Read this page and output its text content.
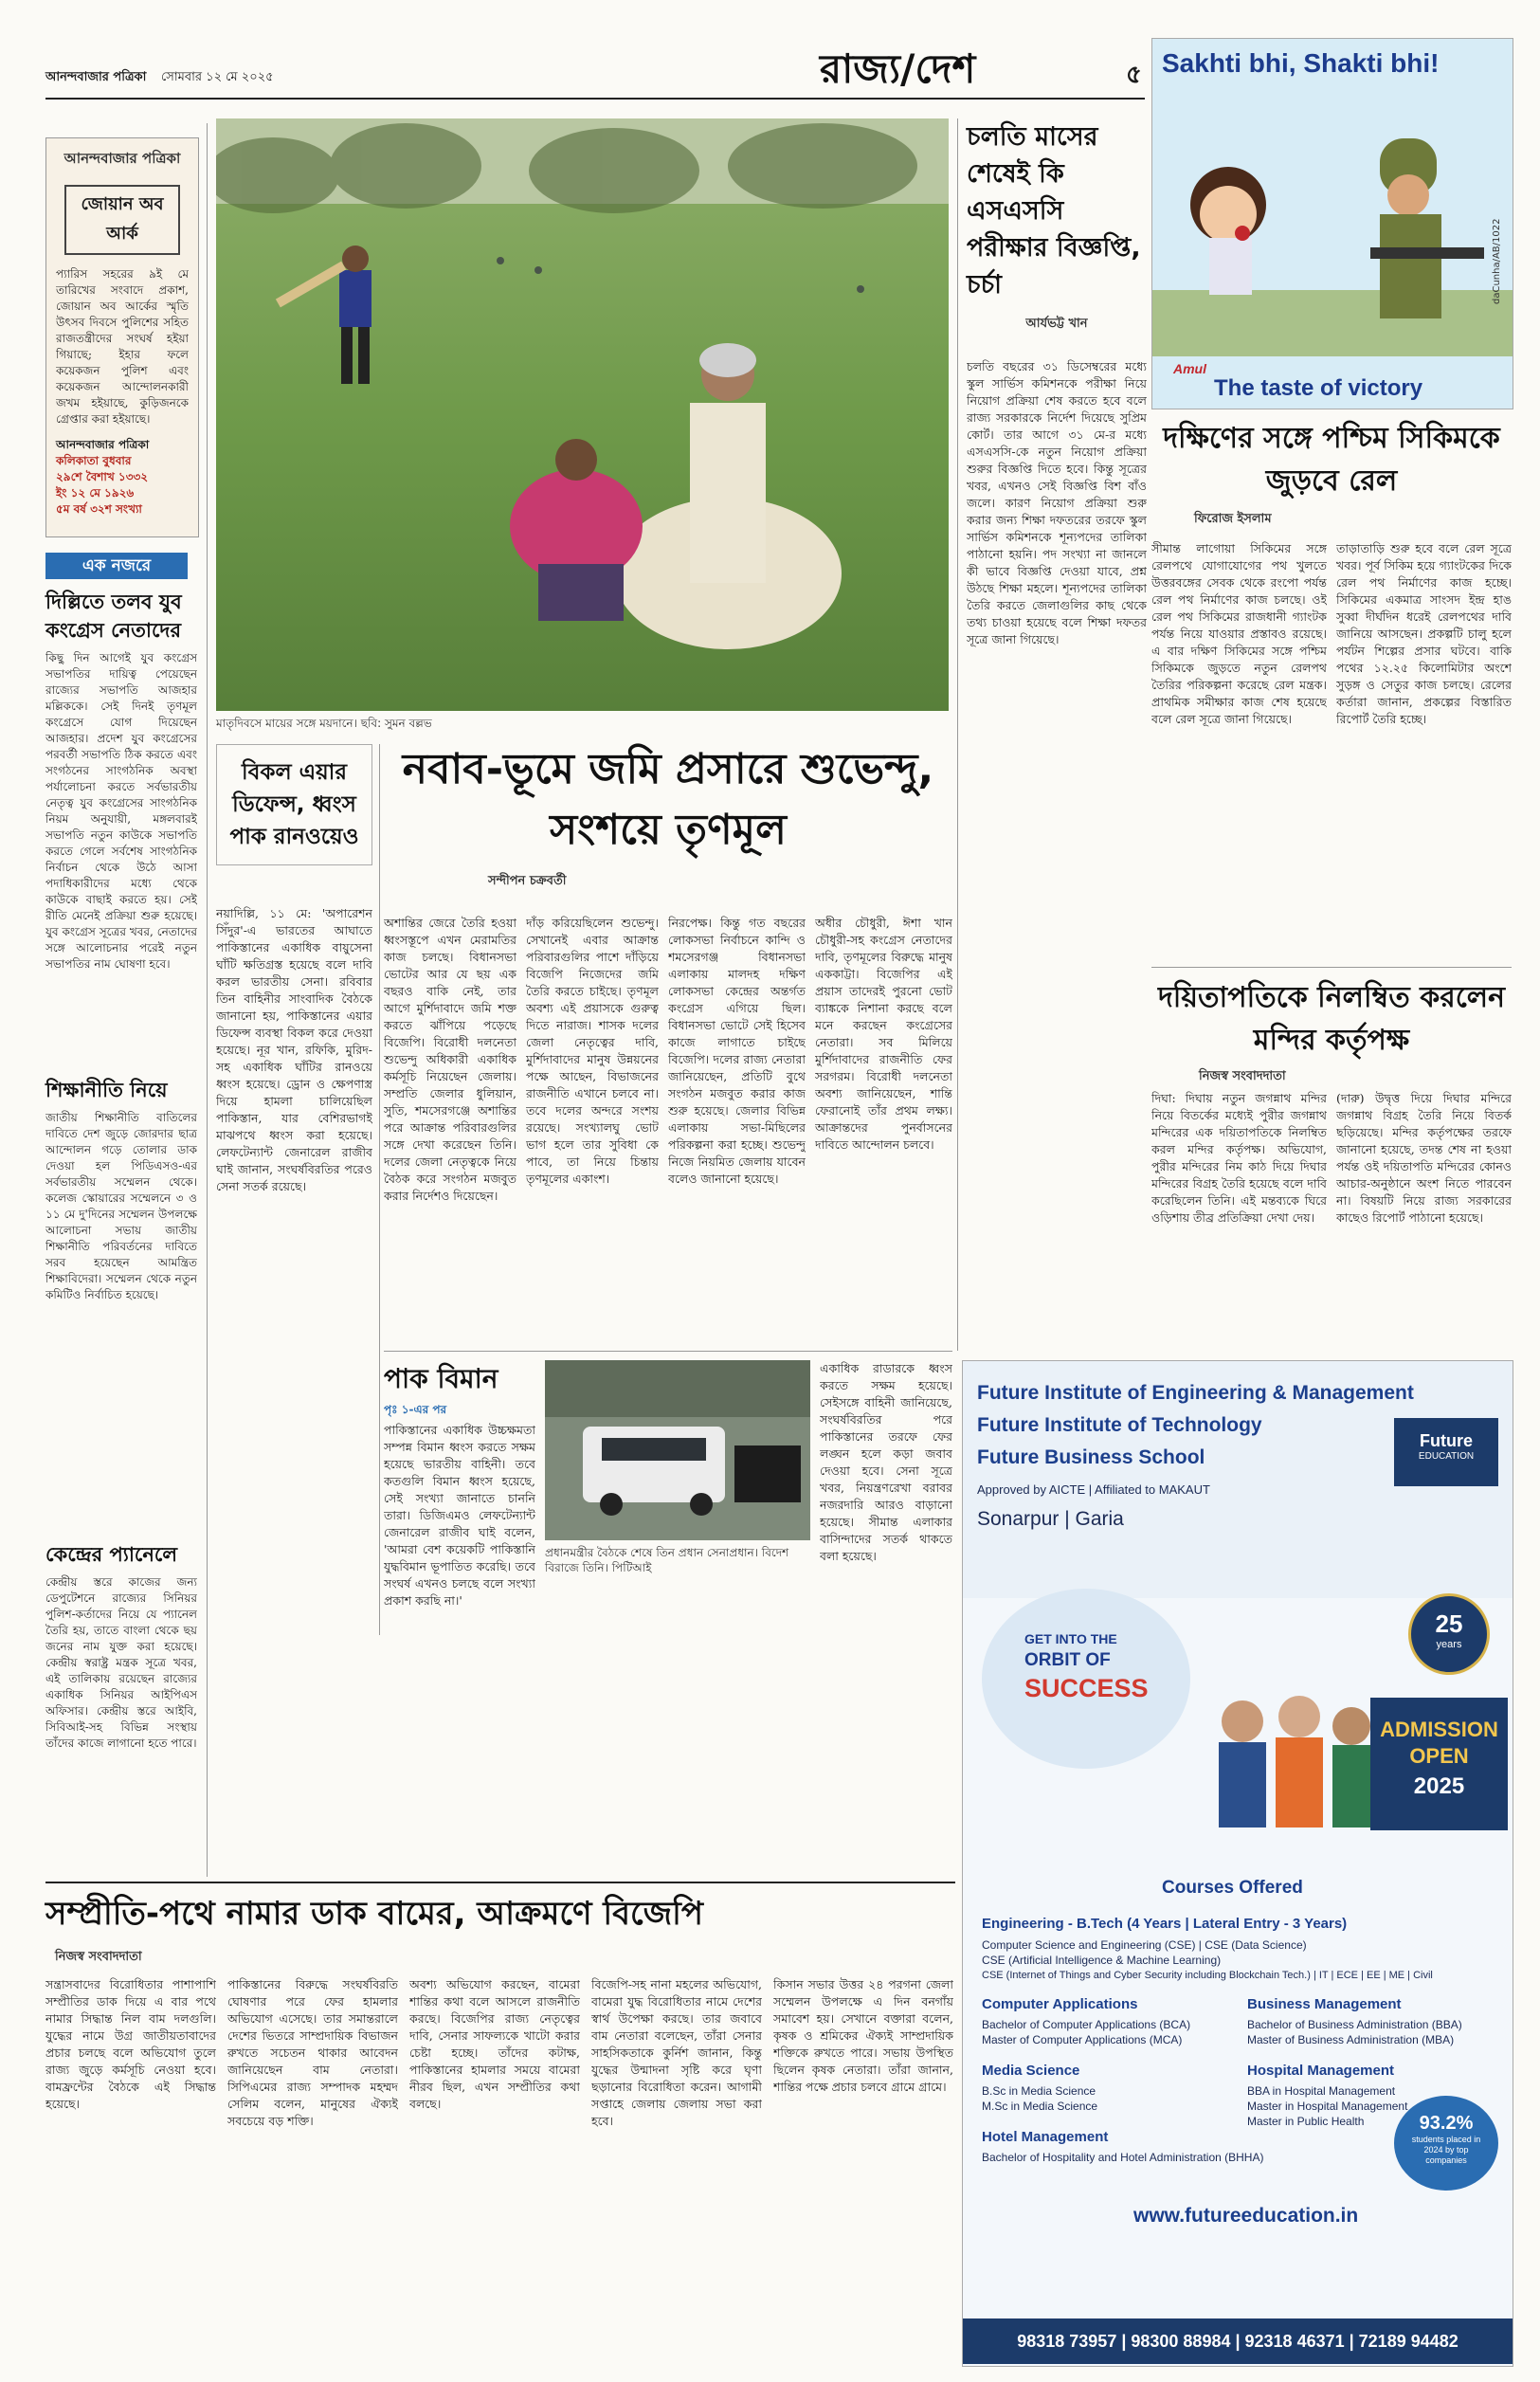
আনন্দবাজার পত্রিকা সোমবার ১২ মে ২০২৫	রাজ্য/দেশ	৫
আনন্দবাজার পত্রিকা
জোয়ান অব আর্ক
প্যারিস সহরের ৯ই মে তারিখের সংবাদে প্রকাশ, জোয়ান অব আর্কের স্মৃতি উৎসব দিবসে পুলিশের সহিত রাজতন্ত্রীদের সংঘর্ষ হইয়া গিয়াছে; ইহার ফলে কয়েকজন পুলিশ এবং কয়েকজন আন্দোলনকারী জখম হইয়াছে, কুড়িজনকে গ্রেপ্তার করা হইয়াছে।
আনন্দবাজার পত্রিকা
কলিকাতা বুধবার
২৯শে বৈশাখ ১৩৩২
ইং ১২ মে ১৯২৬
৫ম বর্ষ ৩২শ সংখ্যা
এক নজরে
দিল্লিতে তলব যুব কংগ্রেস নেতাদের
কিছু দিন আগেই যুব কংগ্রেস সভাপতির দায়িত্ব পেয়েছেন রাজ্যের সভাপতি আজহার মল্লিককে। সেই দিনই তৃণমূল কংগ্রেসে যোগ দিয়েছেন আজহার। প্রদেশ যুব কংগ্রেসের পরবর্তী সভাপতি ঠিক করতে এবং সংগঠনের সাংগঠনিক অবস্থা পর্যালোচনা করতে সর্বভারতীয় নেতৃত্ব যুব কংগ্রেসের সাংগঠনিক নিয়ম অনুযায়ী, মঙ্গলবারই সভাপতি নতুন কাউকে সভাপতি করতে গেলে সর্বশেষ সাংগঠনিক নির্বাচন থেকে উঠে আসা পদাধিকারীদের মধ্যে থেকে কাউকে বাছাই করতে হয়। সেই রীতি মেনেই প্রক্রিয়া শুরু হয়েছে। যুব কংগ্রেস সূত্রের খবর, নেতাদের সঙ্গে আলোচনার পরেই নতুন সভাপতির নাম ঘোষণা হবে।
শিক্ষানীতি নিয়ে
জাতীয় শিক্ষানীতি বাতিলের দাবিতে দেশ জুড়ে জোরদার ছাত্র আন্দোলন গড়ে তোলার ডাক দেওয়া হল পিডিএসও-এর সর্বভারতীয় সম্মেলন থেকে। কলেজ স্কোয়ারের সম্মেলনে ৩ ও ১১ মে দু'দিনের সম্মেলন উপলক্ষে আলোচনা সভায় জাতীয় শিক্ষানীতি পরিবর্তনের দাবিতে সরব হয়েছেন আমন্ত্রিত শিক্ষাবিদেরা। সম্মেলন থেকে নতুন কমিটিও নির্বাচিত হয়েছে।
কেন্দ্রের প্যানেলে
কেন্দ্রীয় স্তরে কাজের জন্য ডেপুটেশনে রাজ্যের সিনিয়র পুলিশ-কর্তাদের নিয়ে যে প্যানেল তৈরি হয়, তাতে বাংলা থেকে ছয় জনের নাম যুক্ত করা হয়েছে। কেন্দ্রীয় স্বরাষ্ট্র মন্ত্রক সূত্রে খবর, এই তালিকায় রয়েছেন রাজ্যের একাধিক সিনিয়র আইপিএস অফিসার। কেন্দ্রীয় স্তরে আইবি, সিবিআই-সহ বিভিন্ন সংস্থায় তাঁদের কাজে লাগানো হতে পারে।
মাতৃদিবসে মায়ের সঙ্গে ময়দানে। ছবি: সুমন বল্লভ
চলতি মাসের শেষেই কি এসএসসি পরীক্ষার বিজ্ঞপ্তি, চর্চা
আর্যভট্ট খান
চলতি বছরের ৩১ ডিসেম্বরের মধ্যে স্কুল সার্ভিস কমিশনকে পরীক্ষা নিয়ে নিয়োগ প্রক্রিয়া শেষ করতে হবে বলে রাজ্য সরকারকে নির্দেশ দিয়েছে সুপ্রিম কোর্ট। তার আগে ৩১ মে-র মধ্যে এসএসসি-কে নতুন নিয়োগ প্রক্রিয়া শুরুর বিজ্ঞপ্তি দিতে হবে। কিন্তু সূত্রের খবর, এখনও সেই বিজ্ঞপ্তি বিশ বাঁও জলে। কারণ নিয়োগ প্রক্রিয়া শুরু করার জন্য শিক্ষা দফতরের তরফে স্কুল সার্ভিস কমিশনকে শূন্যপদের তালিকা পাঠানো হয়নি। পদ সংখ্যা না জানলে কী ভাবে বিজ্ঞপ্তি দেওয়া যাবে, প্রশ্ন উঠছে শিক্ষা মহলে। শূন্যপদের তালিকা তৈরি করতে জেলাগুলির কাছ থেকে তথ্য চাওয়া হয়েছে বলে শিক্ষা দফতর সূত্রে জানা গিয়েছে।
Sakhti bhi, Shakti bhi!
Amul
The taste of victory
daCunha/AB/1022
দক্ষিণের সঙ্গে পশ্চিম সিকিমকে জুড়বে রেল
ফিরোজ ইসলাম
সীমান্ত লাগোয়া সিকিমের সঙ্গে রেলপথে যোগাযোগের পথ খুলতে উত্তরবঙ্গের সেবক থেকে রংপো পর্যন্ত রেল পথ নির্মাণের কাজ চলছে। ওই রেল পথ সিকিমের রাজধানী গ্যাংটক পর্যন্ত নিয়ে যাওয়ার প্রস্তাবও রয়েছে। এ বার দক্ষিণ সিকিমের সঙ্গে পশ্চিম সিকিমকে জুড়তে নতুন রেলপথ তৈরির পরিকল্পনা করেছে রেল মন্ত্রক। প্রাথমিক সমীক্ষার কাজ শেষ হয়েছে বলে রেল সূত্রে জানা গিয়েছে।
তাড়াতাড়ি শুরু হবে বলে রেল সূত্রে খবর। পূর্ব সিকিম হয়ে গ্যাংটকের দিকে রেল পথ নির্মাণের কাজ হচ্ছে। সিকিমের একমাত্র সাংসদ ইন্দ্র হাঙ সুব্বা দীর্ঘদিন ধরেই রেলপথের দাবি জানিয়ে আসছেন। প্রকল্পটি চালু হলে পর্যটন শিল্পের প্রসার ঘটবে। বাকি পথের ১২.২৫ কিলোমিটার অংশে সুড়ঙ্গ ও সেতুর কাজ চলছে। রেলের কর্তারা জানান, প্রকল্পের বিস্তারিত রিপোর্ট তৈরি হচ্ছে।
দয়িতাপতিকে নিলম্বিত করলেন মন্দির কর্তৃপক্ষ
নিজস্ব সংবাদদাতা
দিঘা: দিঘায় নতুন জগন্নাথ মন্দির নিয়ে বিতর্কের মধ্যেই পুরীর জগন্নাথ মন্দিরের এক দয়িতাপতিকে নিলম্বিত করল মন্দির কর্তৃপক্ষ। অভিযোগ, পুরীর মন্দিরের নিম কাঠ দিয়ে দিঘার মন্দিরের বিগ্রহ তৈরি হয়েছে বলে দাবি করেছিলেন তিনি। এই মন্তব্যকে ঘিরে ওড়িশায় তীব্র প্রতিক্রিয়া দেখা দেয়।
(দারু) উদ্বৃত্ত দিয়ে দিঘার মন্দিরে জগন্নাথ বিগ্রহ তৈরি নিয়ে বিতর্ক ছড়িয়েছে। মন্দির কর্তৃপক্ষের তরফে জানানো হয়েছে, তদন্ত শেষ না হওয়া পর্যন্ত ওই দয়িতাপতি মন্দিরের কোনও আচার-অনুষ্ঠানে অংশ নিতে পারবেন না। বিষয়টি নিয়ে রাজ্য সরকারের কাছেও রিপোর্ট পাঠানো হয়েছে।
বিকল এয়ার ডিফেন্স, ধ্বংস পাক রানওয়েও
নয়াদিল্লি, ১১ মে: 'অপারেশন সিঁদুর'-এ ভারতের আঘাতে পাকিস্তানের একাধিক বায়ুসেনা ঘাঁটি ক্ষতিগ্রস্ত হয়েছে বলে দাবি করল ভারতীয় সেনা। রবিবার তিন বাহিনীর সাংবাদিক বৈঠকে জানানো হয়, পাকিস্তানের এয়ার ডিফেন্স ব্যবস্থা বিকল করে দেওয়া হয়েছে। নূর খান, রফিকি, মুরিদ-সহ একাধিক ঘাঁটির রানওয়ে ধ্বংস হয়েছে। ড্রোন ও ক্ষেপণাস্ত্র দিয়ে হামলা চালিয়েছিল পাকিস্তান, যার বেশিরভাগই মাঝপথে ধ্বংস করা হয়েছে। লেফটেন্যান্ট জেনারেল রাজীব ঘাই জানান, সংঘর্ষবিরতির পরেও সেনা সতর্ক রয়েছে।
নবাব-ভূমে জমি প্রসারে শুভেন্দু, সংশয়ে তৃণমূল
সন্দীপন চক্রবর্তী
অশান্তির জেরে তৈরি হওয়া ধ্বংসস্তূপে এখন মেরামতির কাজ চলছে। বিধানসভা ভোটের আর যে ছয় এক বছরও বাকি নেই, তার আগে মুর্শিদাবাদে জমি শক্ত করতে ঝাঁপিয়ে পড়েছে বিজেপি। বিরোধী দলনেতা শুভেন্দু অধিকারী একাধিক কর্মসূচি নিয়েছেন জেলায়। সম্প্রতি জেলার ধুলিয়ান, সুতি, শমসেরগঞ্জে অশান্তির পরে আক্রান্ত পরিবারগুলির সঙ্গে দেখা করেছেন তিনি। দলের জেলা নেতৃত্বকে নিয়ে বৈঠক করে সংগঠন মজবুত করার নির্দেশও দিয়েছেন।
দাঁড় করিয়েছিলেন শুভেন্দু। সেখানেই এবার আক্রান্ত পরিবারগুলির পাশে দাঁড়িয়ে বিজেপি নিজেদের জমি তৈরি করতে চাইছে। তৃণমূল অবশ্য এই প্রয়াসকে গুরুত্ব দিতে নারাজ। শাসক দলের জেলা নেতৃত্বের দাবি, মুর্শিদাবাদের মানুষ উন্নয়নের পক্ষে আছেন, বিভাজনের রাজনীতি এখানে চলবে না। তবে দলের অন্দরে সংশয় রয়েছে। সংখ্যালঘু ভোট ভাগ হলে তার সুবিধা কে পাবে, তা নিয়ে চিন্তায় তৃণমূলের একাংশ।
নিরপেক্ষ। কিন্তু গত বছরের লোকসভা নির্বাচনে কান্দি ও শমসেরগঞ্জ বিধানসভা এলাকায় মালদহ দক্ষিণ লোকসভা কেন্দ্রের অন্তর্গত কংগ্রেস এগিয়ে ছিল। বিধানসভা ভোটে সেই হিসেব কাজে লাগাতে চাইছে বিজেপি। দলের রাজ্য নেতারা জানিয়েছেন, প্রতিটি বুথে সংগঠন মজবুত করার কাজ শুরু হয়েছে। জেলার বিভিন্ন এলাকায় সভা-মিছিলের পরিকল্পনা করা হচ্ছে। শুভেন্দু নিজে নিয়মিত জেলায় যাবেন বলেও জানানো হয়েছে।
অধীর চৌধুরী, ঈশা খান চৌধুরী-সহ কংগ্রেস নেতাদের দাবি, তৃণমূলের বিরুদ্ধে মানুষ এককাট্টা। বিজেপির এই প্রয়াস তাদেরই পুরনো ভোট ব্যাঙ্ককে নিশানা করছে বলে মনে করছেন কংগ্রেসের নেতারা। সব মিলিয়ে মুর্শিদাবাদের রাজনীতি ফের সরগরম। বিরোধী দলনেতা অবশ্য জানিয়েছেন, শান্তি ফেরানোই তাঁর প্রথম লক্ষ্য। আক্রান্তদের পুনর্বাসনের দাবিতে আন্দোলন চলবে।
পাক বিমান
পৃঃ ১-এর পর
পাকিস্তানের একাধিক উচ্চক্ষমতা সম্পন্ন বিমান ধ্বংস করতে সক্ষম হয়েছে ভারতীয় বাহিনী। তবে কতগুলি বিমান ধ্বংস হয়েছে, সেই সংখ্যা জানাতে চাননি তারা। ডিজিএমও লেফটেন্যান্ট জেনারেল রাজীব ঘাই বলেন, 'আমরা বেশ কয়েকটি পাকিস্তানি যুদ্ধবিমান ভূপাতিত করেছি। তবে সংঘর্ষ এখনও চলছে বলে সংখ্যা প্রকাশ করছি না।'
প্রধানমন্ত্রীর বৈঠকে শেষে তিন প্রধান সেনাপ্রধান। বিদেশ বিরাজে তিনি। পিটিআই
একাধিক রাডারকে ধ্বংস করতে সক্ষম হয়েছে। সেইসঙ্গে বাহিনী জানিয়েছে, সংঘর্ষবিরতির পরে পাকিস্তানের তরফে ফের লঙ্ঘন হলে কড়া জবাব দেওয়া হবে। সেনা সূত্রে খবর, নিয়ন্ত্রণরেখা বরাবর নজরদারি আরও বাড়ানো হয়েছে। সীমান্ত এলাকার বাসিন্দাদের সতর্ক থাকতে বলা হয়েছে।
Future Institute of Engineering & Management
Future Institute of Technology
Future Business School
Approved by AICTE | Affiliated to MAKAUT
Sonarpur | Garia
Future
EDUCATION
GET INTO THE
ORBIT OF
SUCCESS
25
years
ADMISSION OPEN
2025
Courses Offered
Engineering - B.Tech (4 Years | Lateral Entry - 3 Years)
Computer Science and Engineering (CSE) | CSE (Data Science)
CSE (Artificial Intelligence & Machine Learning)
CSE (Internet of Things and Cyber Security including Blockchain Tech.) | IT | ECE | EE | ME | Civil
Computer Applications
Bachelor of Computer Applications (BCA)
Master of Computer Applications (MCA)
Business Management
Bachelor of Business Administration (BBA)
Master of Business Administration (MBA)
Media Science
B.Sc in Media Science
M.Sc in Media Science
Hospital Management
BBA in Hospital Management
Master in Hospital Management
Master in Public Health
Hotel Management
Bachelor of Hospitality and Hotel Administration (BHHA)
93.2%
students placed in 2024 by top companies
www.futureeducation.in
98318 73957 | 98300 88984 | 92318 46371 | 72189 94482
সম্প্রীতি-পথে নামার ডাক বামের, আক্রমণে বিজেপি
নিজস্ব সংবাদদাতা
সন্ত্রাসবাদের বিরোধিতার পাশাপাশি সম্প্রীতির ডাক দিয়ে এ বার পথে নামার সিদ্ধান্ত নিল বাম দলগুলি। যুদ্ধের নামে উগ্র জাতীয়তাবাদের প্রচার চলছে বলে অভিযোগ তুলে রাজ্য জুড়ে কর্মসূচি নেওয়া হবে। বামফ্রন্টের বৈঠকে এই সিদ্ধান্ত হয়েছে।
পাকিস্তানের বিরুদ্ধে সংঘর্ষবিরতি ঘোষণার পরে ফের হামলার অভিযোগ এসেছে। তার সমান্তরালে দেশের ভিতরে সাম্প্রদায়িক বিভাজন রুখতে সচেতন থাকার আবেদন জানিয়েছেন বাম নেতারা। সিপিএমের রাজ্য সম্পাদক মহম্মদ সেলিম বলেন, মানুষের ঐক্যই সবচেয়ে বড় শক্তি।
অবশ্য অভিযোগ করছেন, বামেরা শান্তির কথা বলে আসলে রাজনীতি করছে। বিজেপির রাজ্য নেতৃত্বের দাবি, সেনার সাফল্যকে খাটো করার চেষ্টা হচ্ছে। তাঁদের কটাক্ষ, পাকিস্তানের হামলার সময়ে বামেরা নীরব ছিল, এখন সম্প্রীতির কথা বলছে।
বিজেপি-সহ নানা মহলের অভিযোগ, বামেরা যুদ্ধ বিরোধিতার নামে দেশের স্বার্থ উপেক্ষা করছে। তার জবাবে বাম নেতারা বলেছেন, তাঁরা সেনার সাহসিকতাকে কুর্নিশ জানান, কিন্তু যুদ্ধের উন্মাদনা সৃষ্টি করে ঘৃণা ছড়ানোর বিরোধিতা করেন। আগামী সপ্তাহে জেলায় জেলায় সভা করা হবে।
কিসান সভার উত্তর ২৪ পরগনা জেলা সম্মেলন উপলক্ষে এ দিন বনগাঁয় সমাবেশ হয়। সেখানে বক্তারা বলেন, কৃষক ও শ্রমিকের ঐক্যই সাম্প্রদায়িক শক্তিকে রুখতে পারে। সভায় উপস্থিত ছিলেন কৃষক নেতারা। তাঁরা জানান, শান্তির পক্ষে প্রচার চলবে গ্রামে গ্রামে।
